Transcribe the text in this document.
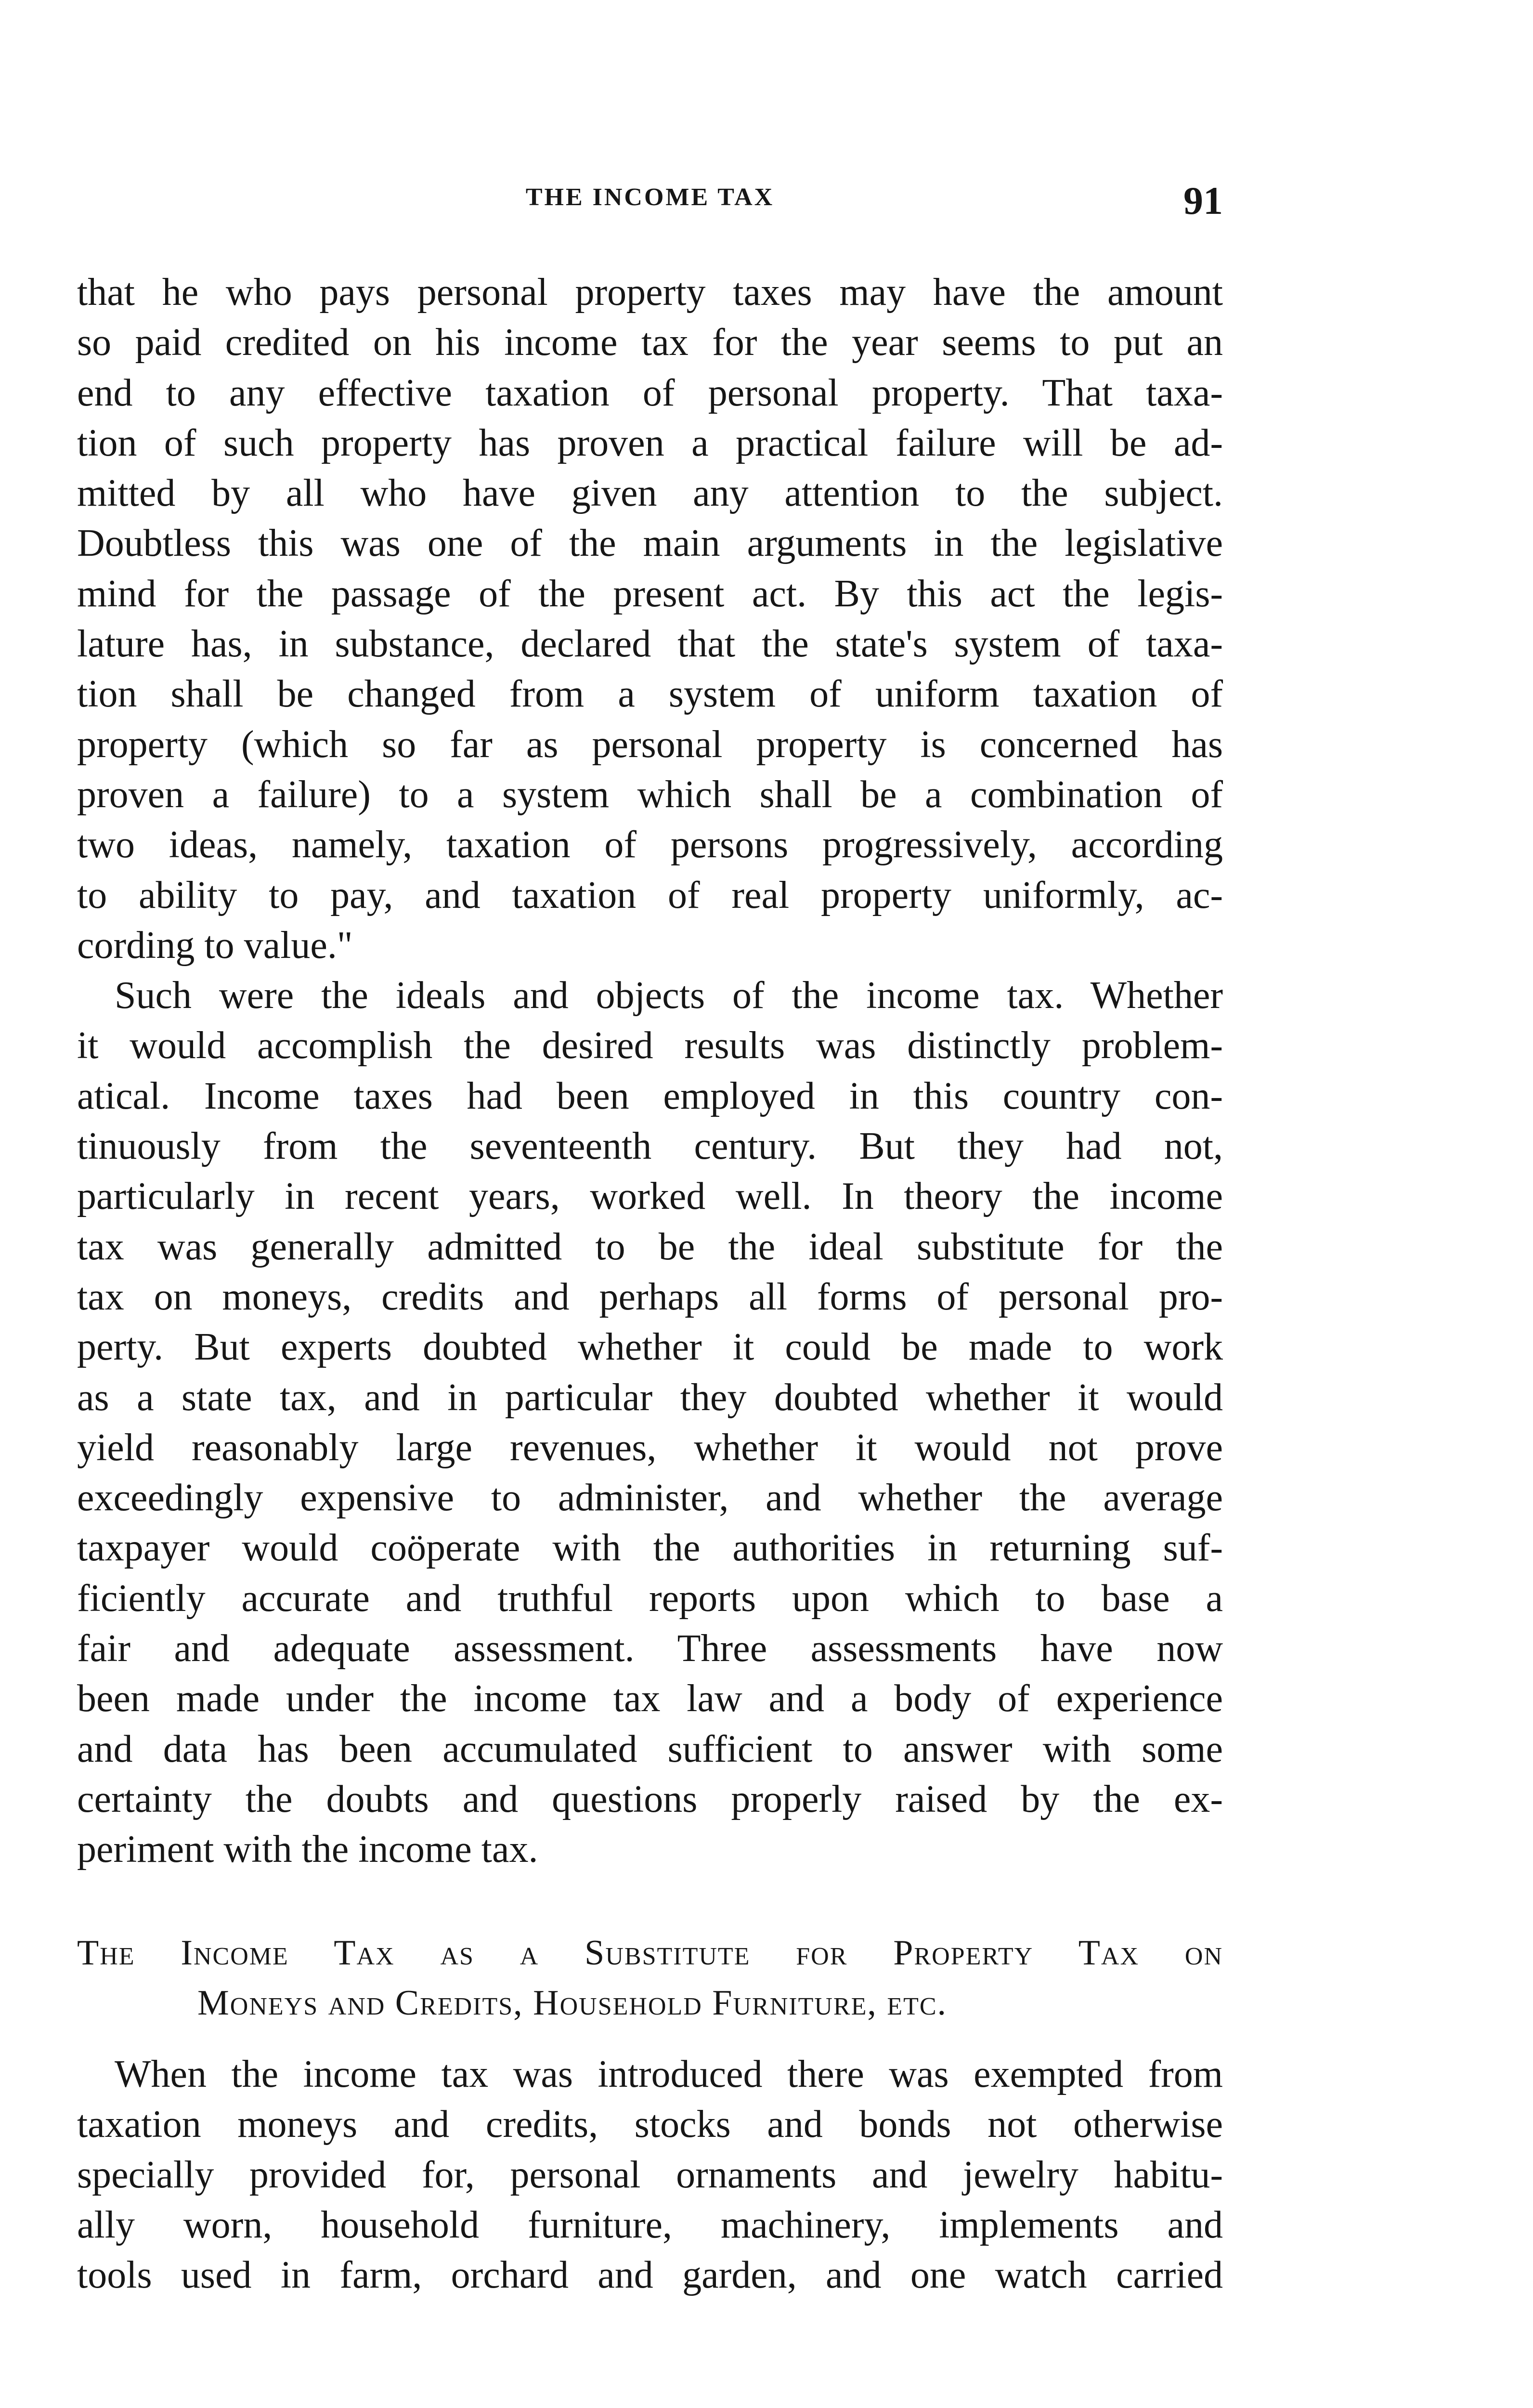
THE INCOME TAX	91
that he who pays personal property taxes may have the amount
so paid credited on his income tax for the year seems to put an
end to any effective taxation of personal property. That taxa-
tion of such property has proven a practical failure will be ad-
mitted by all who have given any attention to the subject.
Doubtless this was one of the main arguments in the legislative
mind for the passage of the present act. By this act the legis-
lature has, in substance, declared that the state's system of taxa-
tion shall be changed from a system of uniform taxation of
property (which so far as personal property is concerned has
proven a failure) to a system which shall be a combination of
two ideas, namely, taxation of persons progressively, according
to ability to pay, and taxation of real property uniformly, ac-
cording to value."
Such were the ideals and objects of the income tax. Whether
it would accomplish the desired results was distinctly problem-
atical. Income taxes had been employed in this country con-
tinuously from the seventeenth century. But they had not,
particularly in recent years, worked well. In theory the income
tax was generally admitted to be the ideal substitute for the
tax on moneys, credits and perhaps all forms of personal pro-
perty. But experts doubted whether it could be made to work
as a state tax, and in particular they doubted whether it would
yield reasonably large revenues, whether it would not prove
exceedingly expensive to administer, and whether the average
taxpayer would coöperate with the authorities in returning suf-
ficiently accurate and truthful reports upon which to base a
fair and adequate assessment. Three assessments have now
been made under the income tax law and a body of experience
and data has been accumulated sufficient to answer with some
certainty the doubts and questions properly raised by the ex-
periment with the income tax.
The Income Tax as a Substitute for Property Tax on
Moneys and Credits, Household Furniture, etc.
When the income tax was introduced there was exempted from
taxation moneys and credits, stocks and bonds not otherwise
specially provided for, personal ornaments and jewelry habitu-
ally worn, household furniture, machinery, implements and
tools used in farm, orchard and garden, and one watch carried
